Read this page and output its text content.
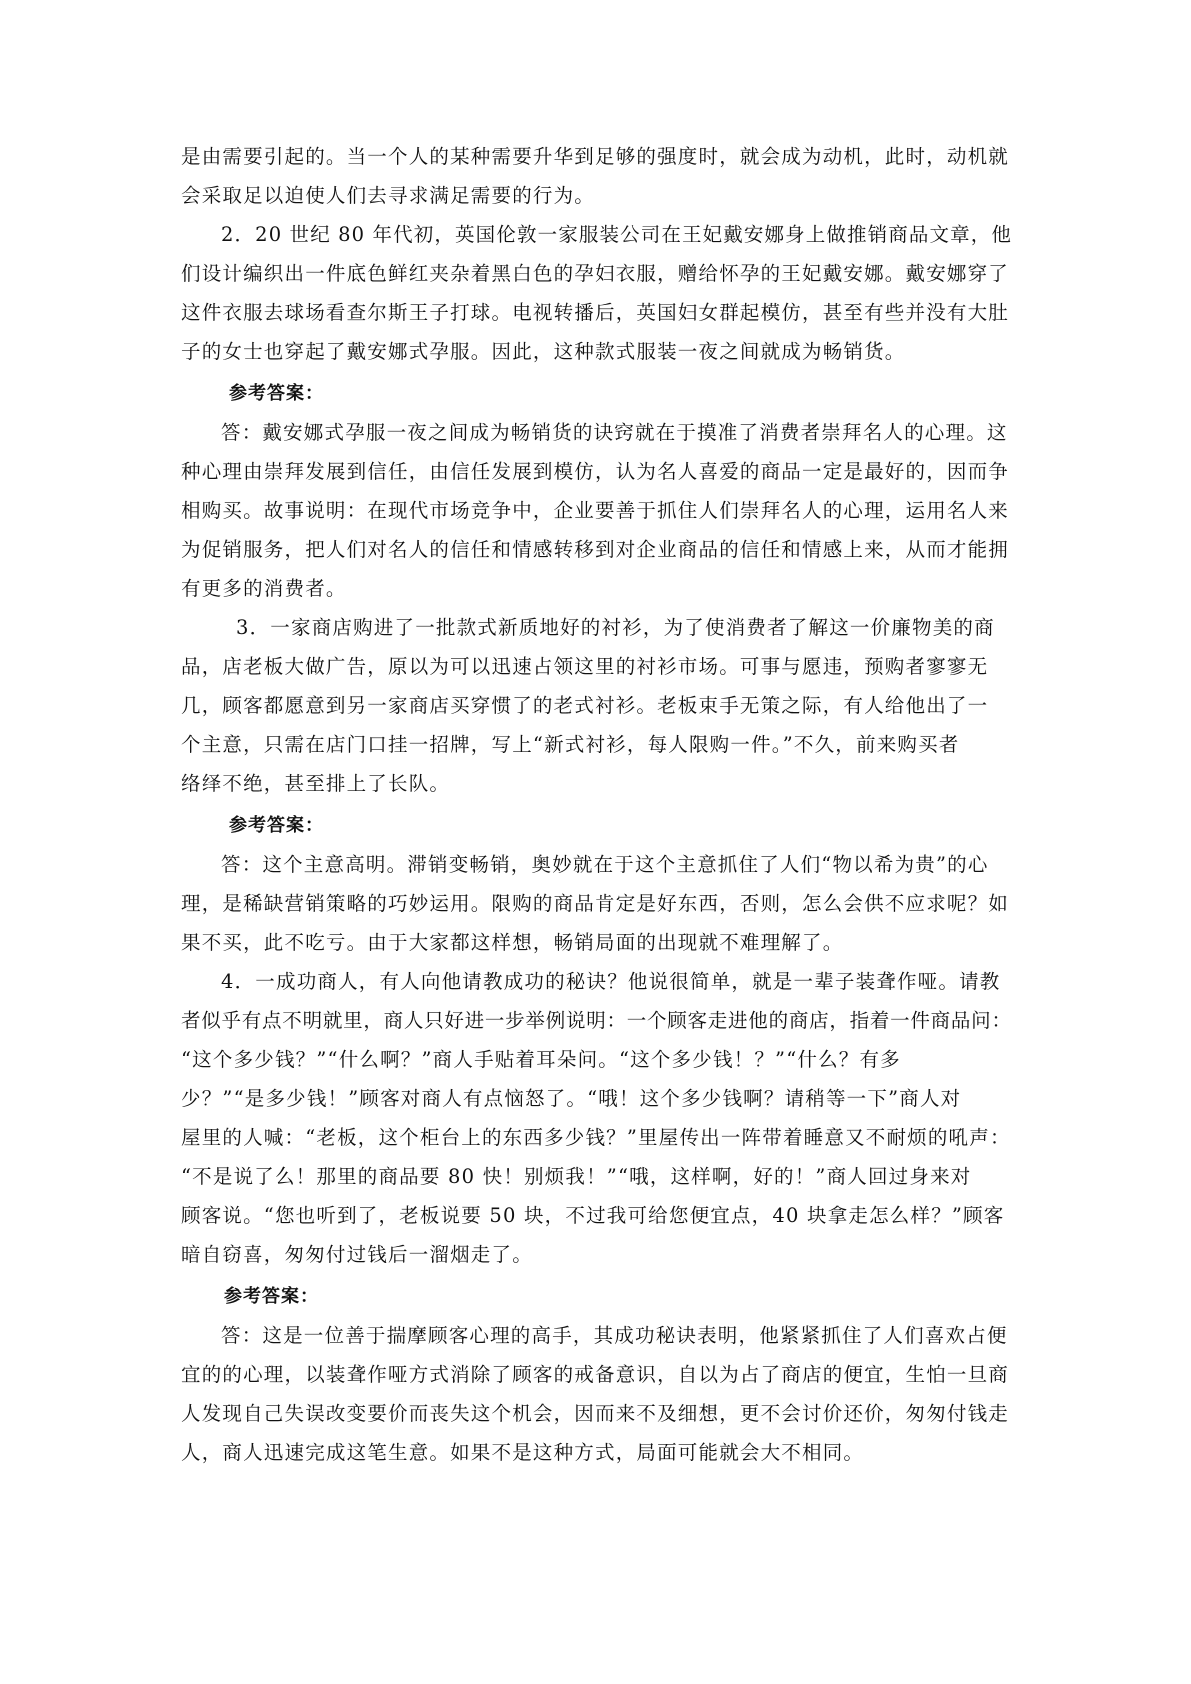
是由需要引起的。当一个人的某种需要升华到足够的强度时，就会成为动机，此时，动机就
会采取足以迫使人们去寻求满足需要的行为。
2．20 世纪 80 年代初，英国伦敦一家服装公司在王妃戴安娜身上做推销商品文章，他
们设计编织出一件底色鲜红夹杂着黑白色的孕妇衣服，赠给怀孕的王妃戴安娜。戴安娜穿了
这件衣服去球场看查尔斯王子打球。电视转播后，英国妇女群起模仿，甚至有些并没有大肚
子的女士也穿起了戴安娜式孕服。因此，这种款式服装一夜之间就成为畅销货。
参考答案：
答：戴安娜式孕服一夜之间成为畅销货的诀窍就在于摸准了消费者崇拜名人的心理。这
种心理由崇拜发展到信任，由信任发展到模仿，认为名人喜爱的商品一定是最好的，因而争
相购买。故事说明：在现代市场竞争中，企业要善于抓住人们崇拜名人的心理，运用名人来
为促销服务，把人们对名人的信任和情感转移到对企业商品的信任和情感上来，从而才能拥
有更多的消费者。
3．一家商店购进了一批款式新质地好的衬衫，为了使消费者了解这一价廉物美的商
品，店老板大做广告，原以为可以迅速占领这里的衬衫市场。可事与愿违，预购者寥寥无
几，顾客都愿意到另一家商店买穿惯了的老式衬衫。老板束手无策之际，有人给他出了一
个主意，只需在店门口挂一招牌，写上“新式衬衫，每人限购一件。”不久，前来购买者
络绎不绝，甚至排上了长队。
参考答案：
答：这个主意高明。滞销变畅销，奥妙就在于这个主意抓住了人们“物以希为贵”的心
理，是稀缺营销策略的巧妙运用。限购的商品肯定是好东西，否则，怎么会供不应求呢？如
果不买，此不吃亏。由于大家都这样想，畅销局面的出现就不难理解了。
4．一成功商人，有人向他请教成功的秘诀？他说很简单，就是一辈子装聋作哑。请教
者似乎有点不明就里，商人只好进一步举例说明：一个顾客走进他的商店，指着一件商品问：
“这个多少钱？”“什么啊？”商人手贴着耳朵问。“这个多少钱！？”“什么？有多
少？”“是多少钱！”顾客对商人有点恼怒了。“哦！这个多少钱啊？请稍等一下”商人对
屋里的人喊：“老板，这个柜台上的东西多少钱？”里屋传出一阵带着睡意又不耐烦的吼声：
“不是说了么！那里的商品要 80 快！别烦我！”“哦，这样啊，好的！”商人回过身来对
顾客说。“您也听到了，老板说要 50 块，不过我可给您便宜点，40 块拿走怎么样？”顾客
暗自窃喜，匆匆付过钱后一溜烟走了。
参考答案：
答：这是一位善于揣摩顾客心理的高手，其成功秘诀表明，他紧紧抓住了人们喜欢占便
宜的的心理，以装聋作哑方式消除了顾客的戒备意识，自以为占了商店的便宜，生怕一旦商
人发现自己失误改变要价而丧失这个机会，因而来不及细想，更不会讨价还价，匆匆付钱走
人，商人迅速完成这笔生意。如果不是这种方式，局面可能就会大不相同。
